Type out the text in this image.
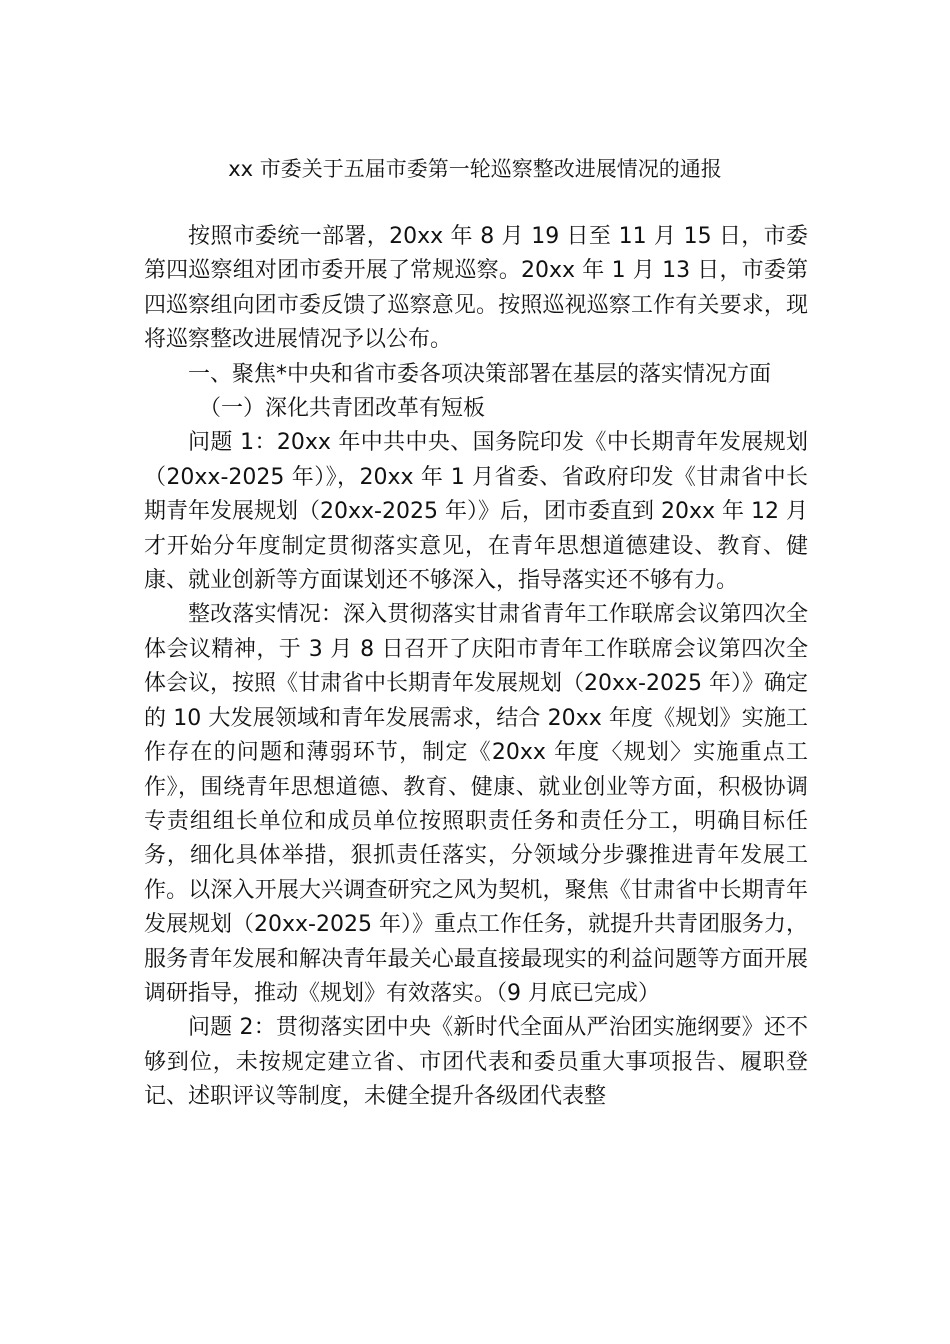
xx 市委关于五届市委第一轮巡察整改进展情况的通报

按照市委统一部署，20xx 年 8 月 19 日至 11 月 15 日，市委第四巡察组对团市委开展了常规巡察。20xx 年 1 月 13 日，市委第四巡察组向团市委反馈了巡察意见。按照巡视巡察工作有关要求，现将巡察整改进展情况予以公布。

一、聚焦*中央和省市委各项决策部署在基层的落实情况方面

（一）深化共青团改革有短板

问题 1：20xx 年中共中央、国务院印发《中长期青年发展规划（20xx-2025 年）》，20xx 年 1 月省委、省政府印发《甘肃省中长期青年发展规划（20xx-2025 年）》后，团市委直到 20xx 年 12 月才开始分年度制定贯彻落实意见，在青年思想道德建设、教育、健康、就业创新等方面谋划还不够深入，指导落实还不够有力。

整改落实情况：深入贯彻落实甘肃省青年工作联席会议第四次全体会议精神，于 3 月 8 日召开了庆阳市青年工作联席会议第四次全体会议，按照《甘肃省中长期青年发展规划（20xx-2025 年）》确定的 10 大发展领域和青年发展需求，结合 20xx 年度《规划》实施工作存在的问题和薄弱环节，制定《20xx 年度〈规划〉实施重点工作》，围绕青年思想道德、教育、健康、就业创业等方面，积极协调专责组组长单位和成员单位按照职责任务和责任分工，明确目标任务，细化具体举措，狠抓责任落实，分领域分步骤推进青年发展工作。以深入开展大兴调查研究之风为契机，聚焦《甘肃省中长期青年发展规划（20xx-2025 年）》重点工作任务，就提升共青团服务力，服务青年发展和解决青年最关心最直接最现实的利益问题等方面开展调研指导，推动《规划》有效落实。（9 月底已完成）

问题 2：贯彻落实团中央《新时代全面从严治团实施纲要》还不够到位，未按规定建立省、市团代表和委员重大事项报告、履职登记、述职评议等制度，未健全提升各级团代表整
